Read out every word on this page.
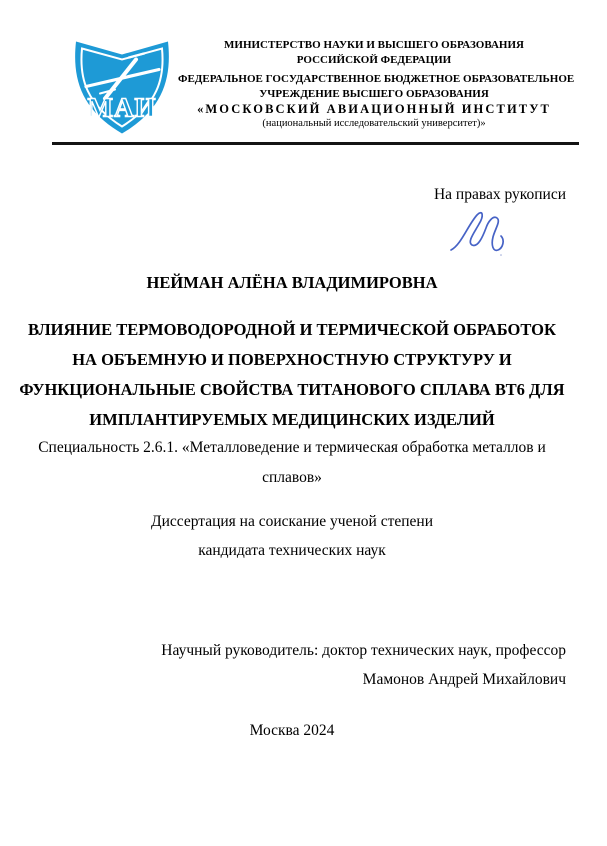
МАИ
МИНИСТЕРСТВО НАУКИ И ВЫСШЕГО ОБРАЗОВАНИЯ
РОССИЙСКОЙ ФЕДЕРАЦИИ
ФЕДЕРАЛЬНОЕ ГОСУДАРСТВЕННОЕ БЮДЖЕТНОЕ ОБРАЗОВАТЕЛЬНОЕ
УЧРЕЖДЕНИЕ ВЫСШЕГО ОБРАЗОВАНИЯ
«МОСКОВСКИЙ АВИАЦИОННЫЙ ИНСТИТУТ
(национальный исследовательский университет)»
На правах рукописи
НЕЙМАН АЛЁНА ВЛАДИМИРОВНА
ВЛИЯНИЕ ТЕРМОВОДОРОДНОЙ И ТЕРМИЧЕСКОЙ ОБРАБОТОК
НА ОБЪЕМНУЮ И ПОВЕРХНОСТНУЮ СТРУКТУРУ И
ФУНКЦИОНАЛЬНЫЕ СВОЙСТВА ТИТАНОВОГО СПЛАВА ВТ6 ДЛЯ
ИМПЛАНТИРУЕМЫХ МЕДИЦИНСКИХ ИЗДЕЛИЙ
Специальность 2.6.1. «Металловедение и термическая обработка металлов и
сплавов»
Диссертация на соискание ученой степени
кандидата технических наук
Научный руководитель: доктор технических наук, профессор
Мамонов Андрей Михайлович
Москва 2024
